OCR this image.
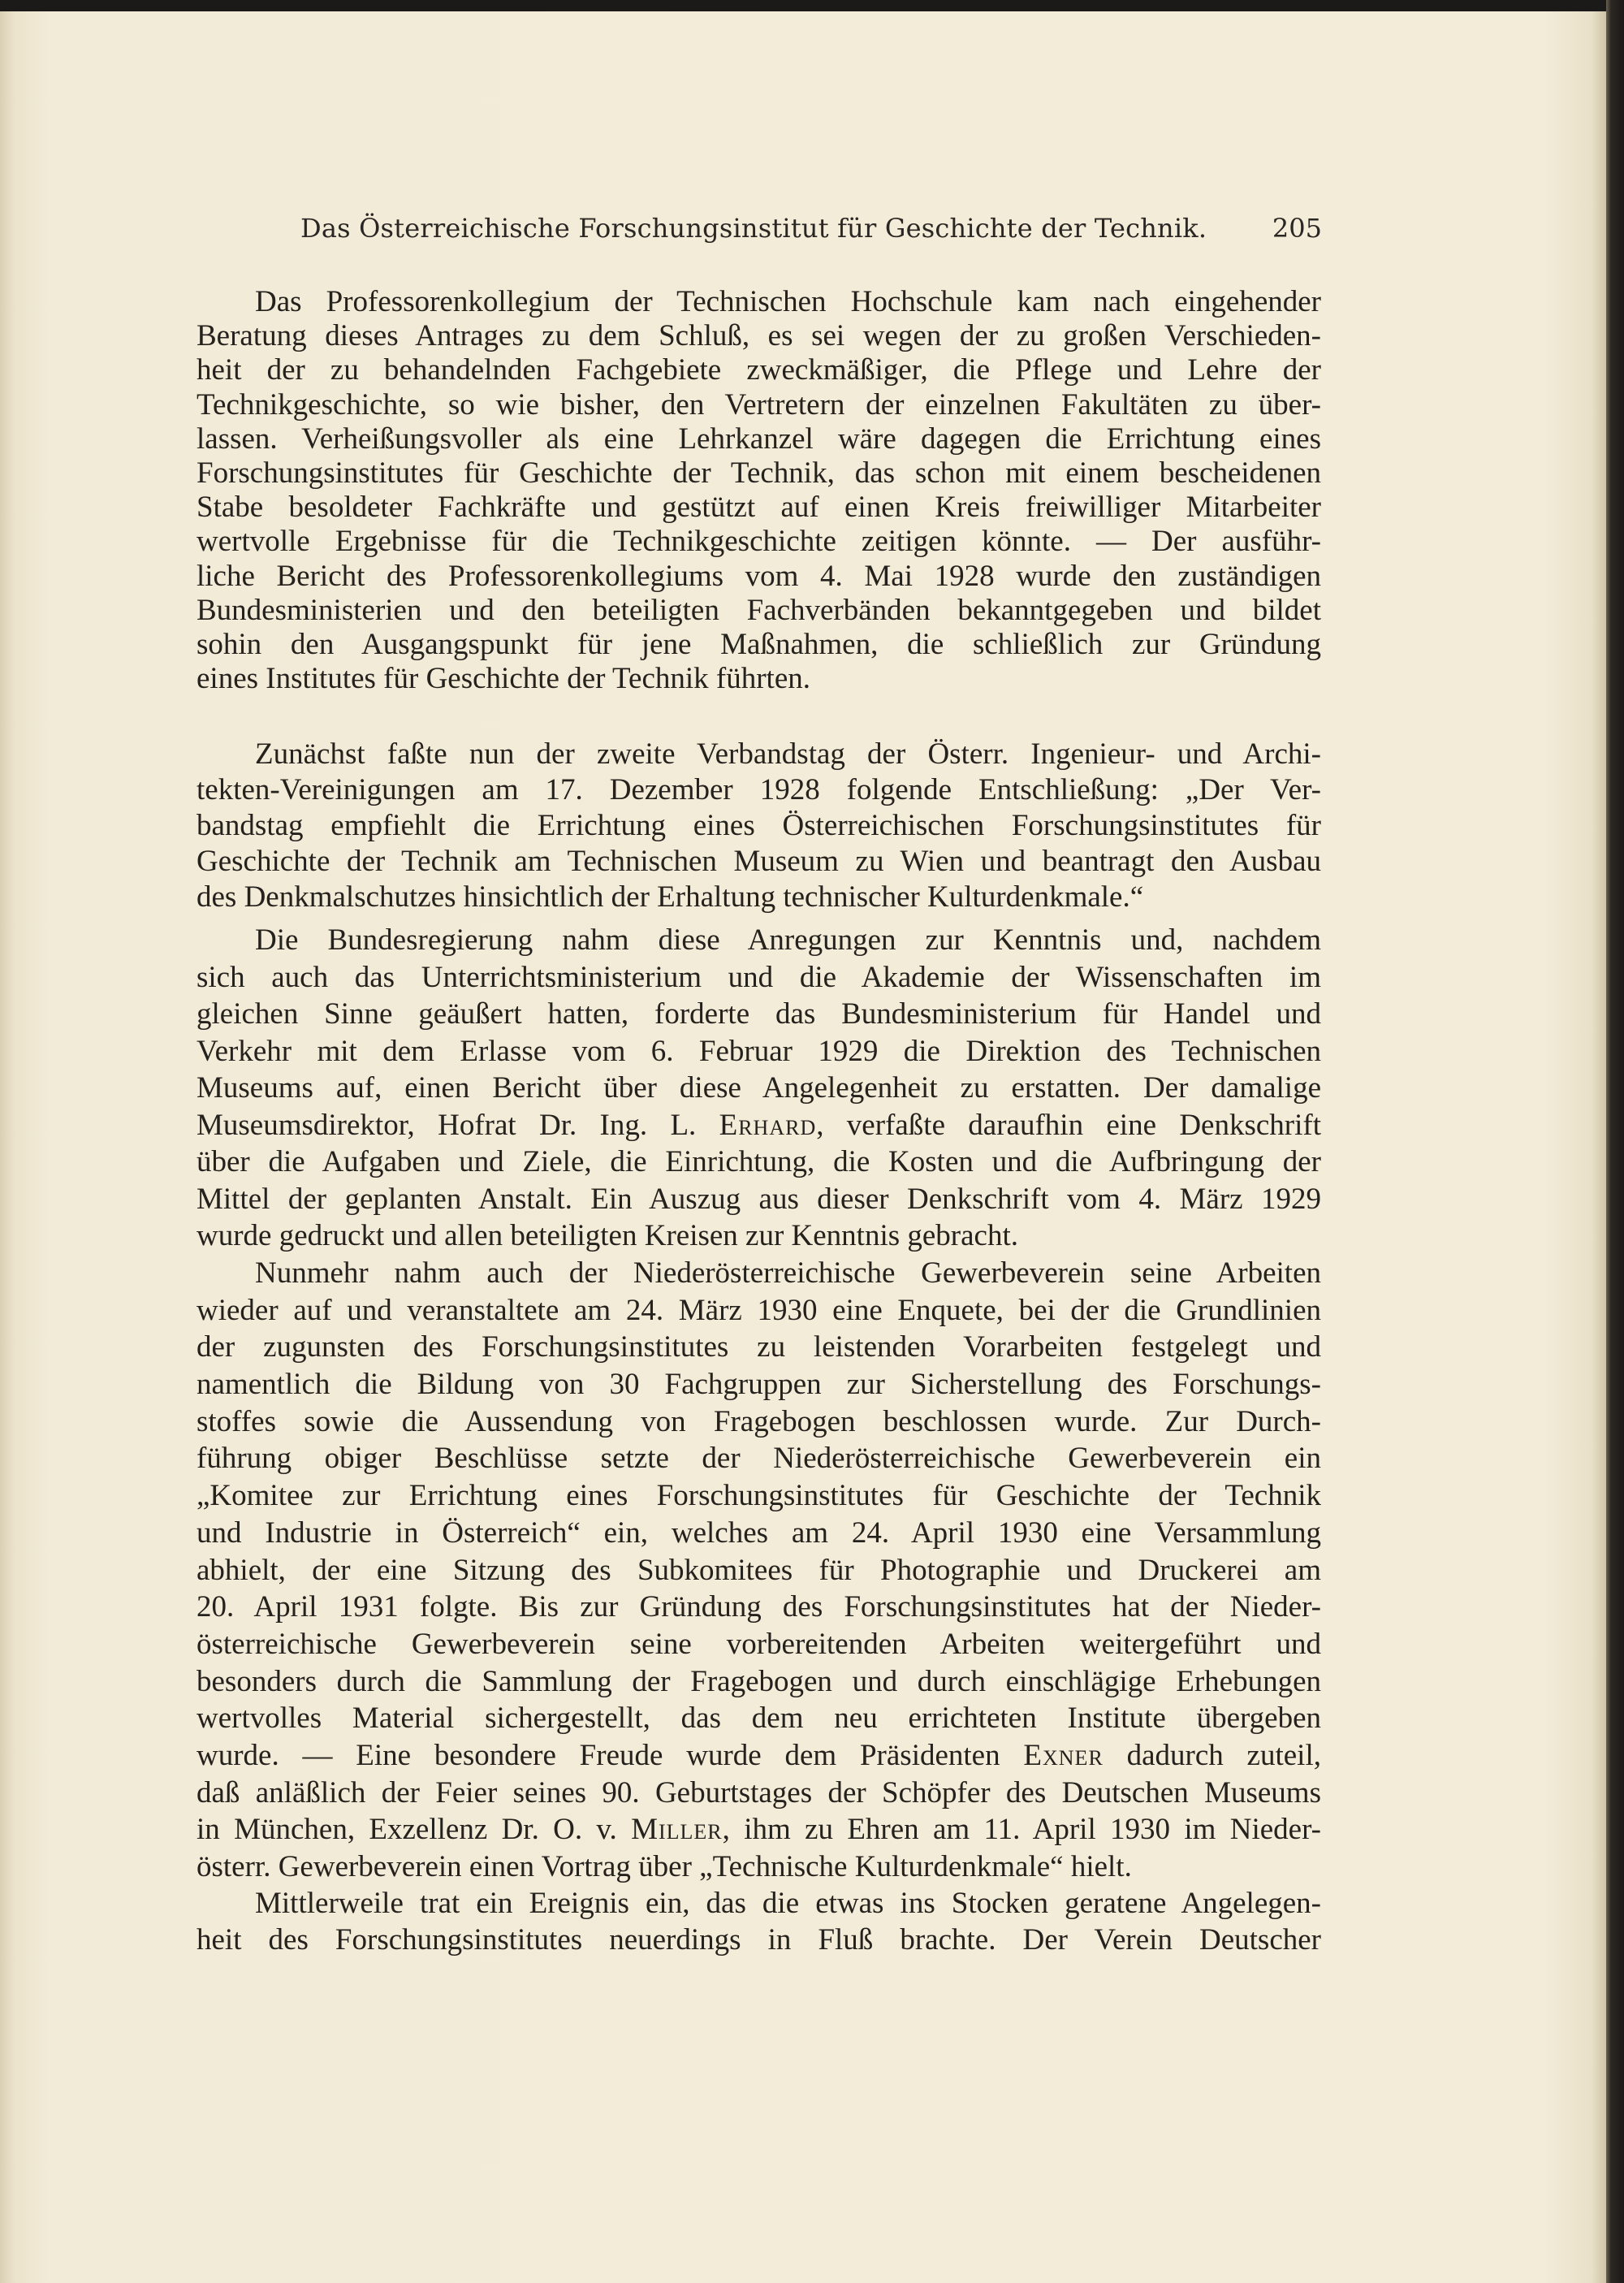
Das Österreichische Forschungsinstitut für Geschichte der Technik.	205
Das Professorenkollegium der Technischen Hochschule kam nach eingehender
Beratung dieses Antrages zu dem Schluß, es sei wegen der zu großen Verschieden-
heit der zu behandelnden Fachgebiete zweckmäßiger, die Pflege und Lehre der
Technikgeschichte, so wie bisher, den Vertretern der einzelnen Fakultäten zu über-
lassen. Verheißungsvoller als eine Lehrkanzel wäre dagegen die Errichtung eines
Forschungsinstitutes für Geschichte der Technik, das schon mit einem bescheidenen
Stabe besoldeter Fachkräfte und gestützt auf einen Kreis freiwilliger Mitarbeiter
wertvolle Ergebnisse für die Technikgeschichte zeitigen könnte. — Der ausführ-
liche Bericht des Professorenkollegiums vom 4. Mai 1928 wurde den zuständigen
Bundesministerien und den beteiligten Fachverbänden bekanntgegeben und bildet
sohin den Ausgangspunkt für jene Maßnahmen, die schließlich zur Gründung
eines Institutes für Geschichte der Technik führten.
Zunächst faßte nun der zweite Verbandstag der Österr. Ingenieur- und Archi-
tekten-Vereinigungen am 17. Dezember 1928 folgende Entschließung: „Der Ver-
bandstag empfiehlt die Errichtung eines Österreichischen Forschungsinstitutes für
Geschichte der Technik am Technischen Museum zu Wien und beantragt den Ausbau
des Denkmalschutzes hinsichtlich der Erhaltung technischer Kulturdenkmale.“
Die Bundesregierung nahm diese Anregungen zur Kenntnis und, nachdem
sich auch das Unterrichtsministerium und die Akademie der Wissenschaften im
gleichen Sinne geäußert hatten, forderte das Bundesministerium für Handel und
Verkehr mit dem Erlasse vom 6. Februar 1929 die Direktion des Technischen
Museums auf, einen Bericht über diese Angelegenheit zu erstatten. Der damalige
Museumsdirektor, Hofrat Dr. Ing. L. Erhard, verfaßte daraufhin eine Denkschrift
über die Aufgaben und Ziele, die Einrichtung, die Kosten und die Aufbringung der
Mittel der geplanten Anstalt. Ein Auszug aus dieser Denkschrift vom 4. März 1929
wurde gedruckt und allen beteiligten Kreisen zur Kenntnis gebracht.
Nunmehr nahm auch der Niederösterreichische Gewerbeverein seine Arbeiten
wieder auf und veranstaltete am 24. März 1930 eine Enquete, bei der die Grundlinien
der zugunsten des Forschungsinstitutes zu leistenden Vorarbeiten festgelegt und
namentlich die Bildung von 30 Fachgruppen zur Sicherstellung des Forschungs-
stoffes sowie die Aussendung von Fragebogen beschlossen wurde. Zur Durch-
führung obiger Beschlüsse setzte der Niederösterreichische Gewerbeverein ein
„Komitee zur Errichtung eines Forschungsinstitutes für Geschichte der Technik
und Industrie in Österreich“ ein, welches am 24. April 1930 eine Versammlung
abhielt, der eine Sitzung des Subkomitees für Photographie und Druckerei am
20. April 1931 folgte. Bis zur Gründung des Forschungsinstitutes hat der Nieder-
österreichische Gewerbeverein seine vorbereitenden Arbeiten weitergeführt und
besonders durch die Sammlung der Fragebogen und durch einschlägige Erhebungen
wertvolles Material sichergestellt, das dem neu errichteten Institute übergeben
wurde. — Eine besondere Freude wurde dem Präsidenten Exner dadurch zuteil,
daß anläßlich der Feier seines 90. Geburtstages der Schöpfer des Deutschen Museums
in München, Exzellenz Dr. O. v. Miller, ihm zu Ehren am 11. April 1930 im Nieder-
österr. Gewerbeverein einen Vortrag über „Technische Kulturdenkmale“ hielt.
Mittlerweile trat ein Ereignis ein, das die etwas ins Stocken geratene Angelegen-
heit des Forschungsinstitutes neuerdings in Fluß brachte. Der Verein Deutscher
